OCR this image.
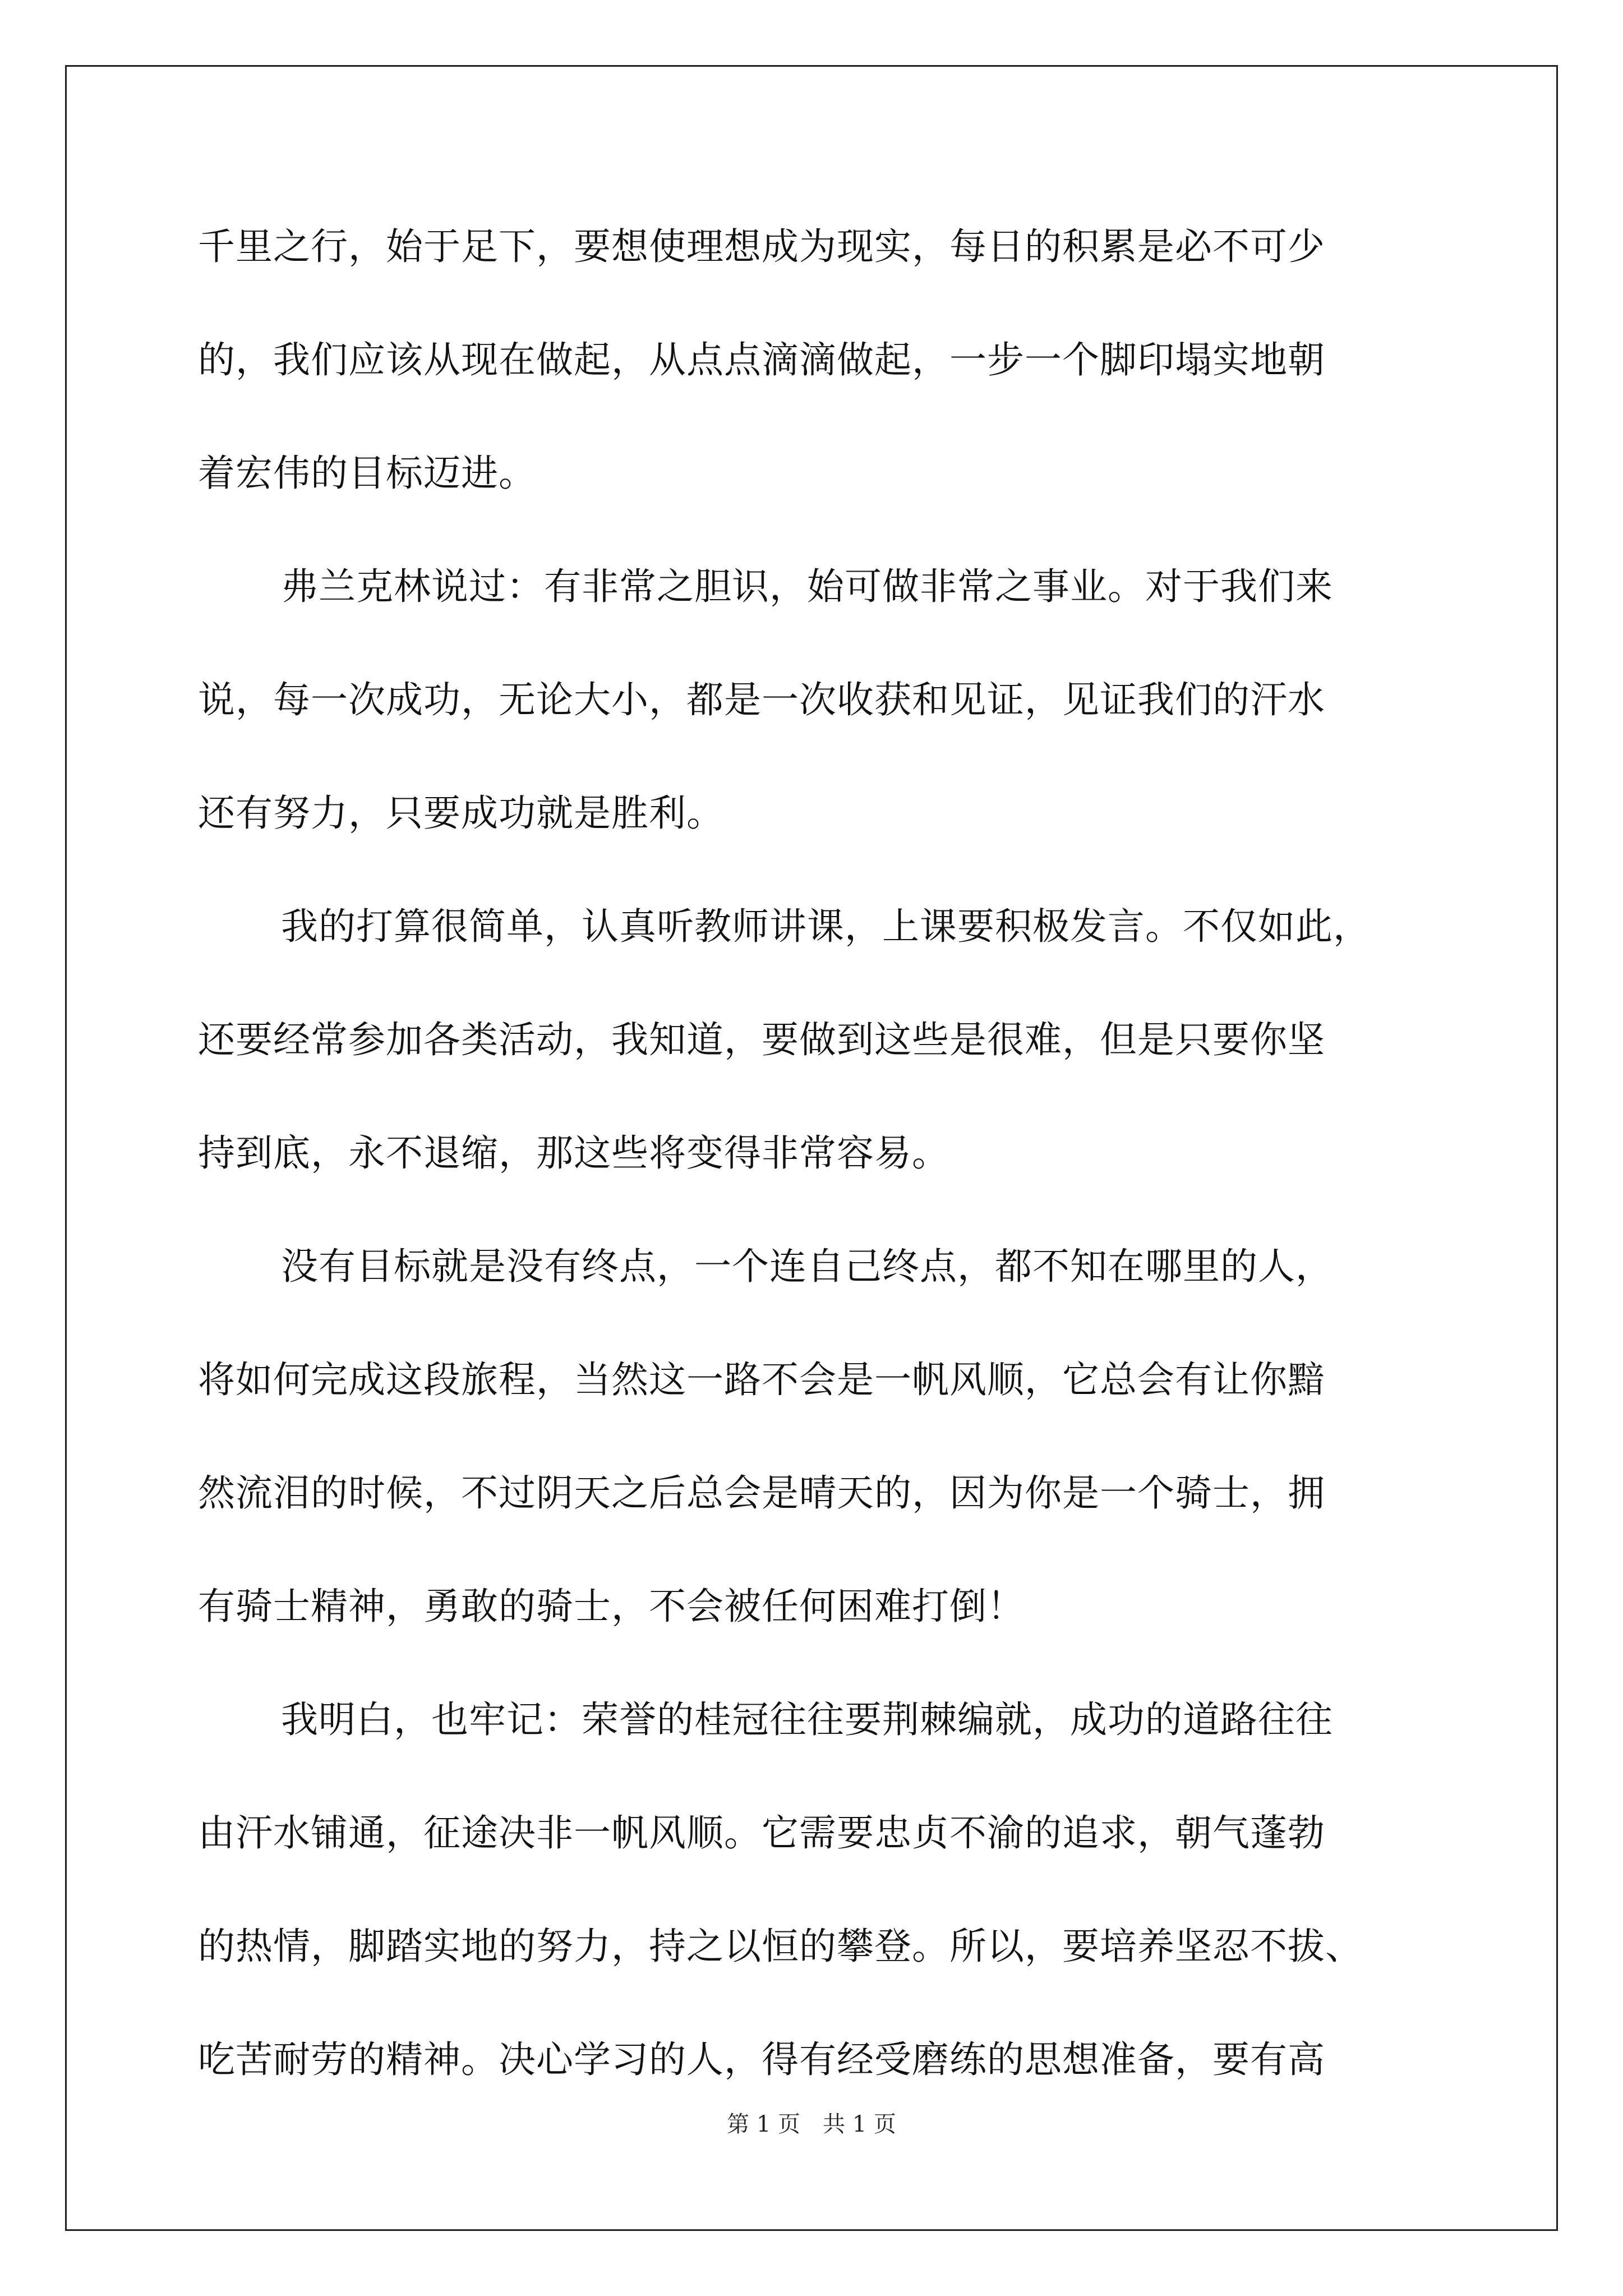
千里之行，始于足下，要想使理想成为现实，每日的积累是必不可少
的，我们应该从现在做起，从点点滴滴做起，一步一个脚印塌实地朝
着宏伟的目标迈进。
弗兰克林说过：有非常之胆识，始可做非常之事业。对于我们来
说，每一次成功，无论大小，都是一次收获和见证，见证我们的汗水
还有努力，只要成功就是胜利。
我的打算很简单，认真听教师讲课，上课要积极发言。不仅如此，
还要经常参加各类活动，我知道，要做到这些是很难，但是只要你坚
持到底，永不退缩，那这些将变得非常容易。
没有目标就是没有终点，一个连自己终点，都不知在哪里的人，
将如何完成这段旅程，当然这一路不会是一帆风顺，它总会有让你黯
然流泪的时候，不过阴天之后总会是晴天的，因为你是一个骑士，拥
有骑士精神，勇敢的骑士，不会被任何困难打倒！
我明白，也牢记：荣誉的桂冠往往要荆棘编就，成功的道路往往
由汗水铺通，征途决非一帆风顺。它需要忠贞不渝的追求，朝气蓬勃
的热情，脚踏实地的努力，持之以恒的攀登。所以，要培养坚忍不拔、
吃苦耐劳的精神。决心学习的人，得有经受磨练的思想准备，要有高
第 1 页　共 1 页
